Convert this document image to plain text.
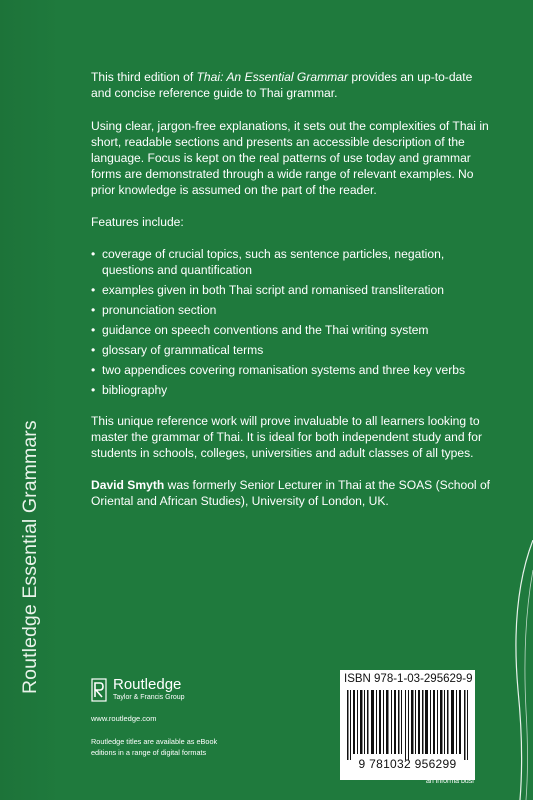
Routledge Essential Grammars

This third edition of Thai: An Essential Grammar provides an up-to-date and concise reference guide to Thai grammar.

Using clear, jargon-free explanations, it sets out the complexities of Thai in short, readable sections and presents an accessible description of the language. Focus is kept on the real patterns of use today and grammar forms are demonstrated through a wide range of relevant examples. No prior knowledge is assumed on the part of the reader.

Features include:

• coverage of crucial topics, such as sentence particles, negation, questions and quantification
• examples given in both Thai script and romanised transliteration
• pronunciation section
• guidance on speech conventions and the Thai writing system
• glossary of grammatical terms
• two appendices covering romanisation systems and three key verbs
• bibliography

This unique reference work will prove invaluable to all learners looking to master the grammar of Thai. It is ideal for both independent study and for students in schools, colleges, universities and adult classes of all types.

David Smyth was formerly Senior Lecturer in Thai at the SOAS (School of Oriental and African Studies), University of London, UK.

Routledge
Taylor & Francis Group
www.routledge.com
Routledge titles are available as eBook editions in a range of digital formats
ISBN 978-1-03-295629-9
9 781032 956299
an informa busi
